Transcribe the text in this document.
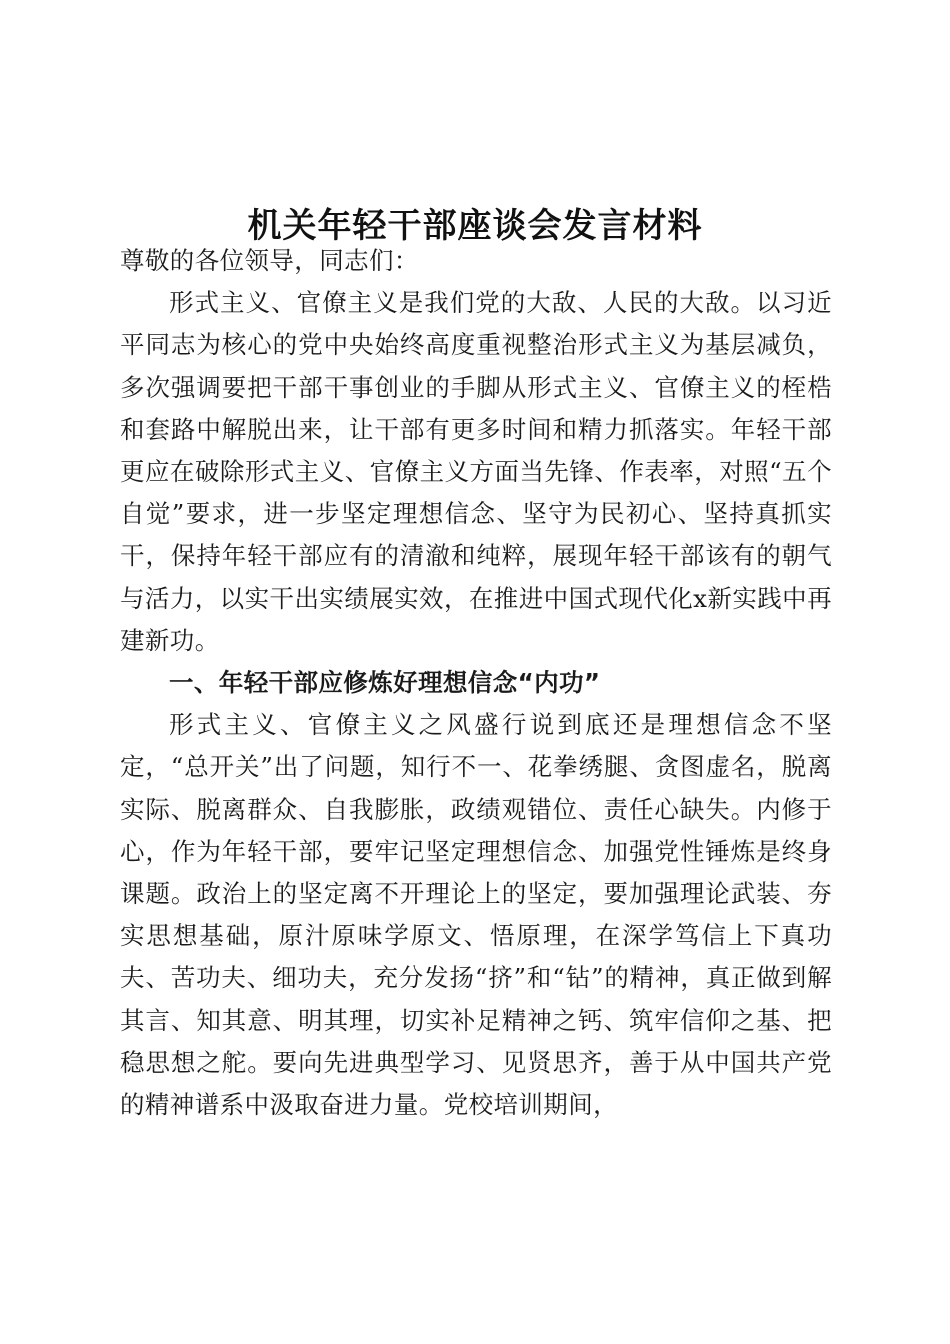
机关年轻干部座谈会发言材料

尊敬的各位领导，同志们：

形式主义、官僚主义是我们党的大敌、人民的大敌。以习近平同志为核心的党中央始终高度重视整治形式主义为基层减负，多次强调要把干部干事创业的手脚从形式主义、官僚主义的桎梏和套路中解脱出来，让干部有更多时间和精力抓落实。年轻干部更应在破除形式主义、官僚主义方面当先锋、作表率，对照“五个自觉”要求，进一步坚定理想信念、坚守为民初心、坚持真抓实干，保持年轻干部应有的清澈和纯粹，展现年轻干部该有的朝气与活力，以实干出实绩展实效，在推进中国式现代化x新实践中再建新功。

一、年轻干部应修炼好理想信念“内功”

形式主义、官僚主义之风盛行说到底还是理想信念不坚定，“总开关”出了问题，知行不一、花拳绣腿、贪图虚名，脱离实际、脱离群众、自我膨胀，政绩观错位、责任心缺失。内修于心，作为年轻干部，要牢记坚定理想信念、加强党性锤炼是终身课题。政治上的坚定离不开理论上的坚定，要加强理论武装、夯实思想基础，原汁原味学原文、悟原理，在深学笃信上下真功夫、苦功夫、细功夫，充分发扬“挤”和“钻”的精神，真正做到解其言、知其意、明其理，切实补足精神之钙、筑牢信仰之基、把稳思想之舵。要向先进典型学习、见贤思齐，善于从中国共产党的精神谱系中汲取奋进力量。党校培训期间，
